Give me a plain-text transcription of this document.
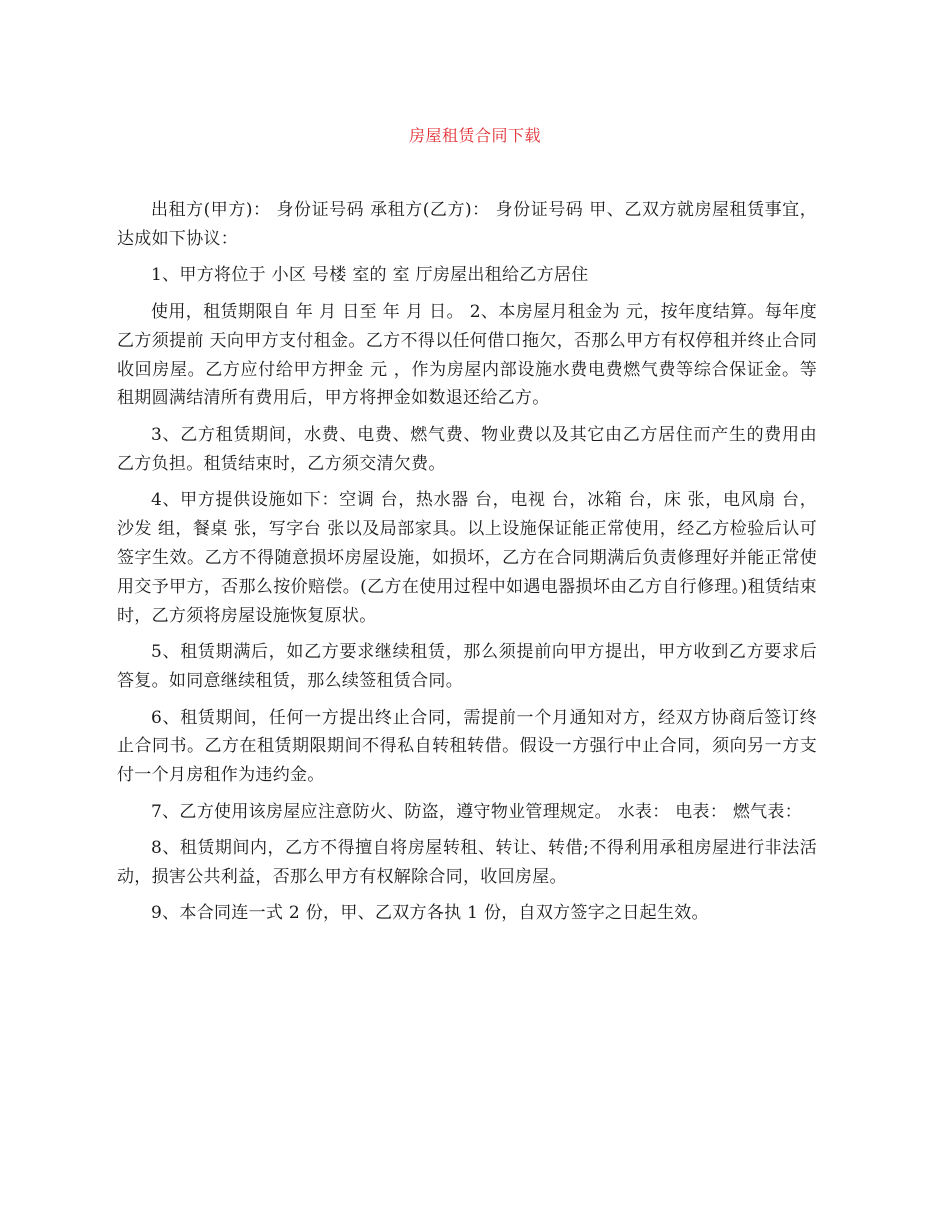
房屋租赁合同下载

出租方(甲方)： 身份证号码 承租方(乙方)： 身份证号码 甲、乙双方就房屋租赁事宜，达成如下协议：

1、甲方将位于 小区 号楼 室的 室 厅房屋出租给乙方居住

使用，租赁期限自 年 月 日至 年 月 日。 2、本房屋月租金为 元，按年度结算。每年度乙方须提前 天向甲方支付租金。乙方不得以任何借口拖欠，否那么甲方有权停租并终止合同收回房屋。乙方应付给甲方押金 元 ，作为房屋内部设施水费电费燃气费等综合保证金。等租期圆满结清所有费用后，甲方将押金如数退还给乙方。

3、乙方租赁期间，水费、电费、燃气费、物业费以及其它由乙方居住而产生的费用由乙方负担。租赁结束时，乙方须交清欠费。

4、甲方提供设施如下：空调 台，热水器 台，电视 台，冰箱 台，床 张，电风扇 台，沙发 组，餐桌 张，写字台 张以及局部家具。以上设施保证能正常使用，经乙方检验后认可签字生效。乙方不得随意损坏房屋设施，如损坏，乙方在合同期满后负责修理好并能正常使用交予甲方，否那么按价赔偿。(乙方在使用过程中如遇电器损坏由乙方自行修理。)租赁结束时，乙方须将房屋设施恢复原状。

5、租赁期满后，如乙方要求继续租赁，那么须提前向甲方提出，甲方收到乙方要求后答复。如同意继续租赁，那么续签租赁合同。

6、租赁期间，任何一方提出终止合同，需提前一个月通知对方，经双方协商后签订终止合同书。乙方在租赁期限期间不得私自转租转借。假设一方强行中止合同，须向另一方支付一个月房租作为违约金。

7、乙方使用该房屋应注意防火、防盗，遵守物业管理规定。 水表： 电表： 燃气表：

8、租赁期间内，乙方不得擅自将房屋转租、转让、转借;不得利用承租房屋进行非法活动，损害公共利益，否那么甲方有权解除合同，收回房屋。

9、本合同连一式 2 份，甲、乙双方各执 1 份，自双方签字之日起生效。
